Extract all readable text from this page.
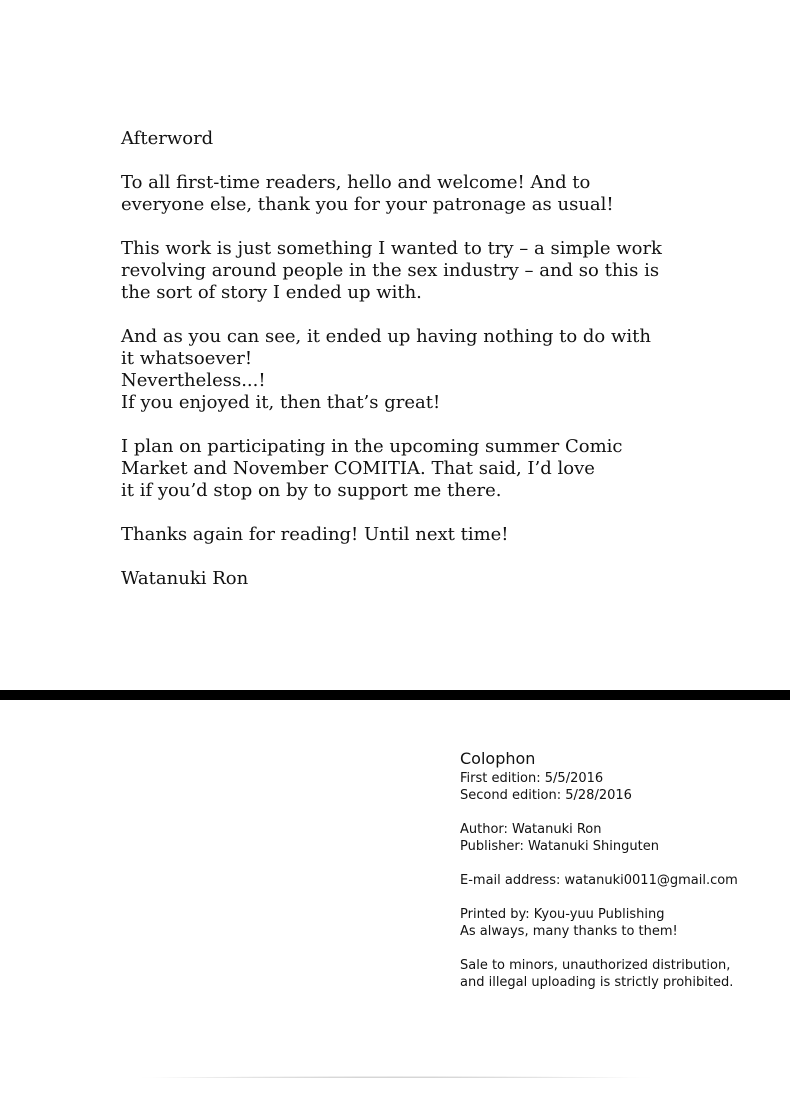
Afterword
To all first-time readers, hello and welcome! And to
everyone else, thank you for your patronage as usual!
This work is just something I wanted to try – a simple work
revolving around people in the sex industry – and so this is
the sort of story I ended up with.
And as you can see, it ended up having nothing to do with
it whatsoever!
Nevertheless...!
If you enjoyed it, then that’s great!
I plan on participating in the upcoming summer Comic
Market and November COMITIA. That said, I’d love
it if you’d stop on by to support me there.
Thanks again for reading! Until next time!
Watanuki Ron
Colophon
First edition: 5/5/2016
Second edition: 5/28/2016
Author: Watanuki Ron
Publisher: Watanuki Shinguten
E-mail address: watanuki0011@gmail.com
Printed by: Kyou-yuu Publishing
As always, many thanks to them!
Sale to minors, unauthorized distribution,
and illegal uploading is strictly prohibited.
